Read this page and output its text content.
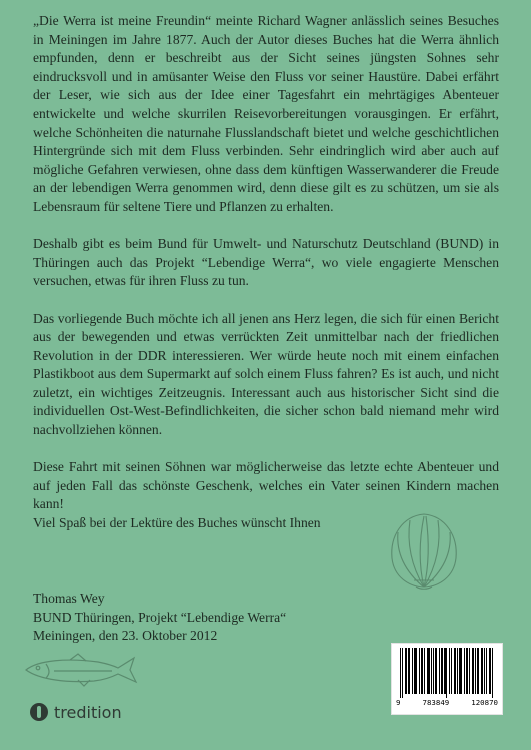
„Die Werra ist meine Freundin“ meinte Richard Wagner anlässlich seines Besuches in Meiningen im Jahre 1877. Auch der Autor dieses Buches hat die Werra ähnlich empfunden, denn er beschreibt aus der Sicht seines jüngsten Sohnes sehr eindrucksvoll und in amüsanter Weise den Fluss vor seiner Haustüre. Dabei erfährt der Leser, wie sich aus der Idee einer Tagesfahrt ein mehrtägiges Abenteuer entwickelte und welche skurrilen Reisevorbereitungen vorausgingen. Er erfährt, welche Schönheiten die naturnahe Flusslandschaft bietet und welche geschichtlichen Hintergründe sich mit dem Fluss verbinden. Sehr eindringlich wird aber auch auf mögliche Gefahren verwiesen, ohne dass dem künftigen Wasserwanderer die Freude an der lebendigen Werra genommen wird, denn diese gilt es zu schützen, um sie als Lebensraum für seltene Tiere und Pflanzen zu erhalten.

Deshalb gibt es beim Bund für Umwelt- und Naturschutz Deutschland (BUND) in Thüringen auch das Projekt “Lebendige Werra“, wo viele engagierte Menschen versuchen, etwas für ihren Fluss zu tun.

Das vorliegende Buch möchte ich all jenen ans Herz legen, die sich für einen Bericht aus der bewegenden und etwas verrückten Zeit unmittelbar nach der friedlichen Revolution in der DDR interessieren. Wer würde heute noch mit einem einfachen Plastikboot aus dem Supermarkt auf solch einem Fluss fahren? Es ist auch, und nicht zuletzt, ein wichtiges Zeitzeugnis. Interessant auch aus historischer Sicht sind die individuellen Ost-West-Befindlichkeiten, die sicher schon bald niemand mehr wird nachvollziehen können.

Diese Fahrt mit seinen Söhnen war möglicherweise das letzte echte Abenteuer und auf jeden Fall das schönste Geschenk, welches ein Vater seinen Kindern machen kann!

Viel Spaß bei der Lektüre des Buches wünscht Ihnen

Thomas Wey
BUND Thüringen, Projekt “Lebendige Werra“
Meiningen, den 23. Oktober 2012
tredition	9	783849	120870
